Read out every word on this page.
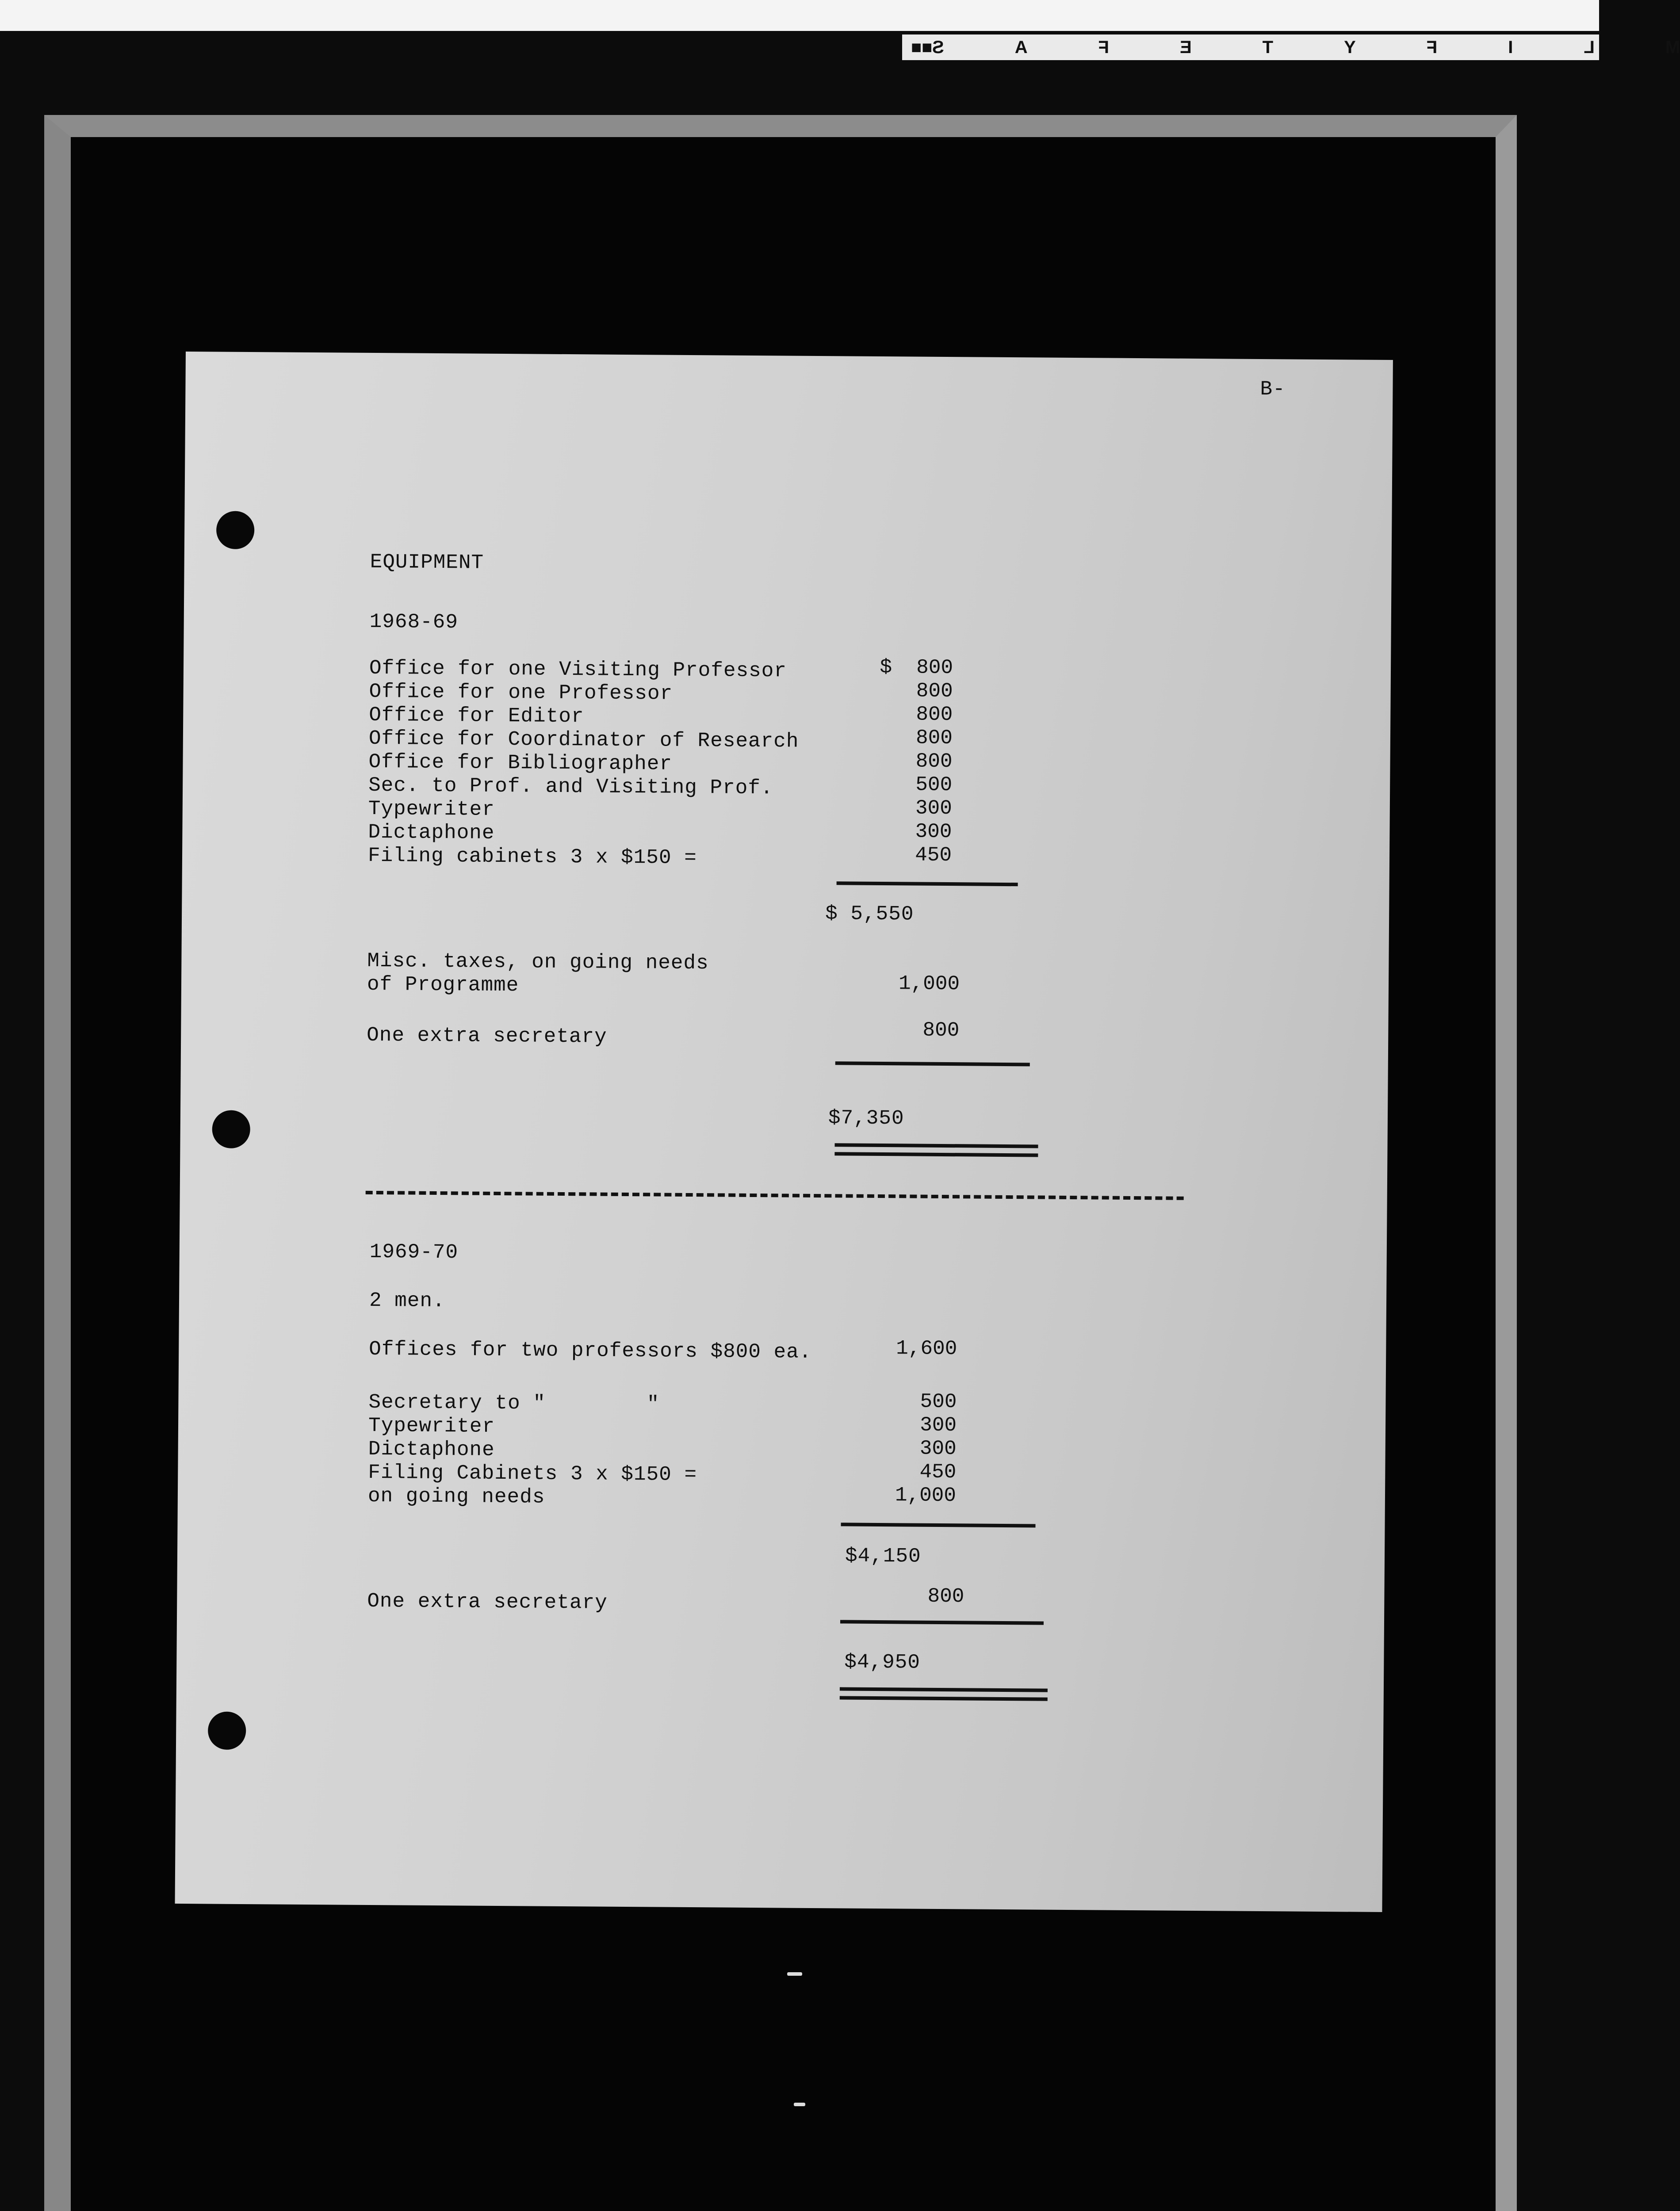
■■	M
L
I
F
Y
T
E
F
A
S
B-
EQUIPMENT
1968-69
Office for one Visiting Professor	$  800
Office for one Professor	800
Office for Editor	800
Office for Coordinator of Research	800
Office for Bibliographer	800
Sec. to Prof. and Visiting Prof.	500
Typewriter	300
Dictaphone	300
Filing cabinets 3 x $150 =	450
$ 5,550
Misc. taxes, on going needs
of Programme	1,000
One extra secretary	800
$7,350
1969-70
2 men.
Offices for two professors $800 ea.	1,600
Secretary to "        "	500
Typewriter	300
Dictaphone	300
Filing Cabinets 3 x $150 =	450
on going needs	1,000
$4,150
One extra secretary	800
$4,950
